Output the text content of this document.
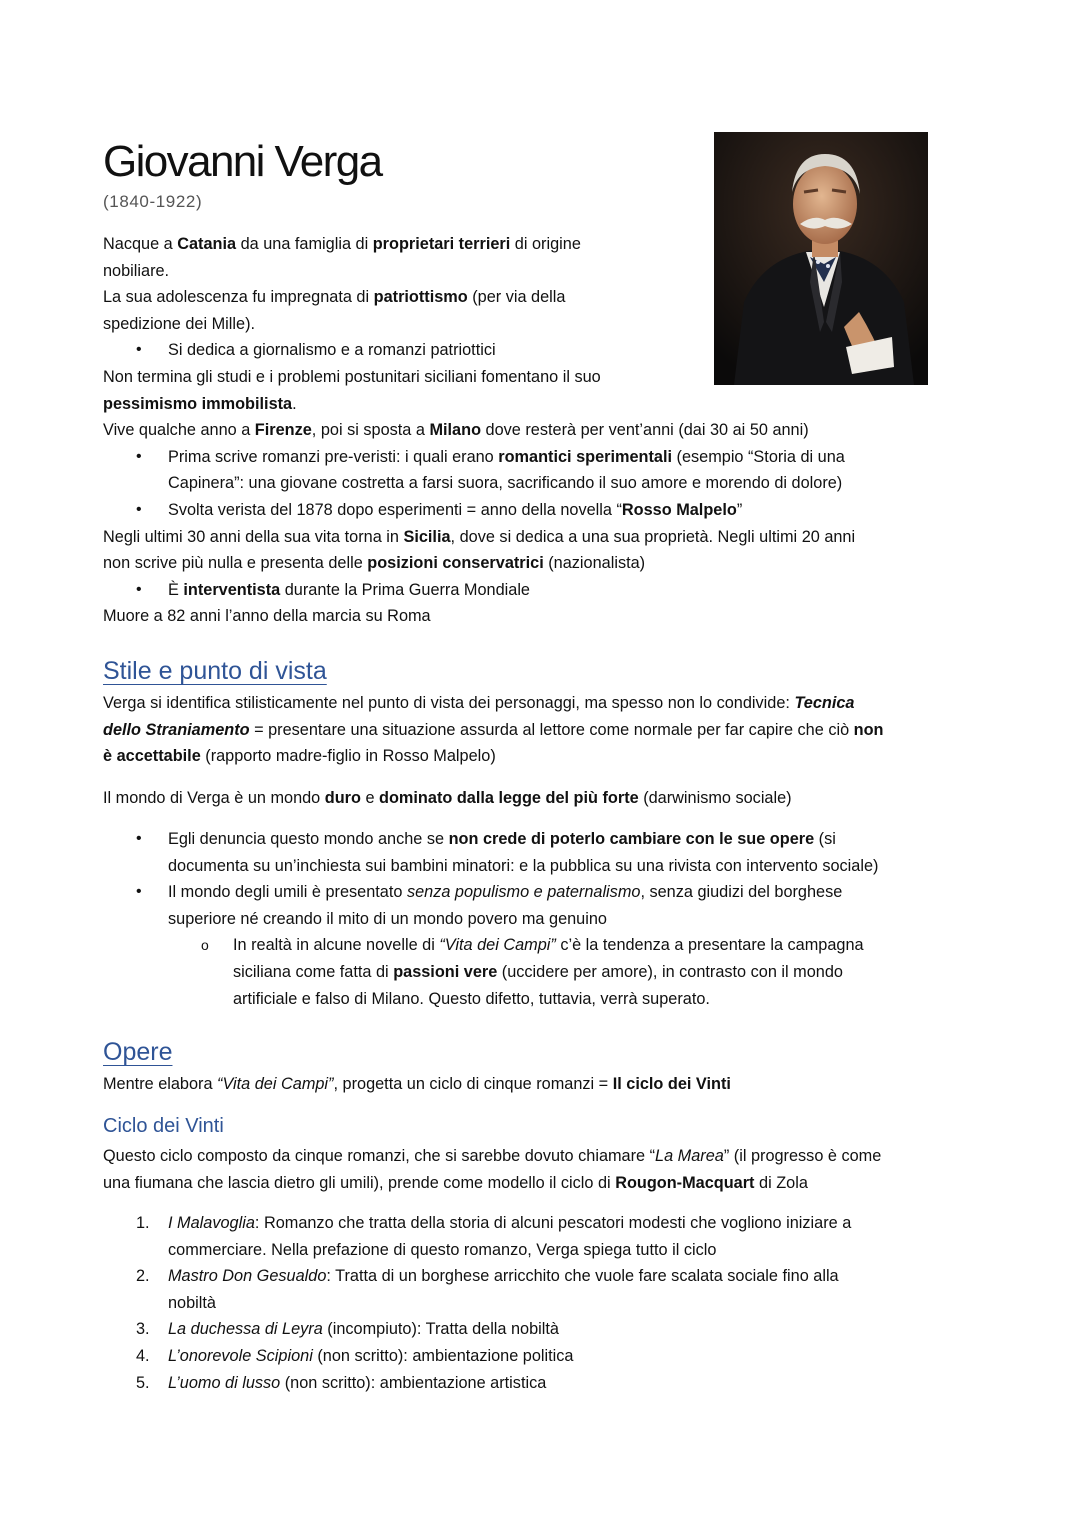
Giovanni Verga
(1840-1922)
Nacque a Catania da una famiglia di proprietari terrieri di origine
nobiliare.
La sua adolescenza fu impregnata di patriottismo (per via della
spedizione dei Mille).
• Si dedica a giornalismo e a romanzi patriottici
Non termina gli studi e i problemi postunitari siciliani fomentano il suo
pessimismo immobilista.
Vive qualche anno a Firenze, poi si sposta a Milano dove resterà per vent’anni (dai 30 ai 50 anni)
• Prima scrive romanzi pre-veristi: i quali erano romantici sperimentali (esempio “Storia di una
Capinera”: una giovane costretta a farsi suora, sacrificando il suo amore e morendo di dolore)
• Svolta verista del 1878 dopo esperimenti = anno della novella “Rosso Malpelo”
Negli ultimi 30 anni della sua vita torna in Sicilia, dove si dedica a una sua proprietà. Negli ultimi 20 anni
non scrive più nulla e presenta delle posizioni conservatrici (nazionalista)
• È interventista durante la Prima Guerra Mondiale
Muore a 82 anni l’anno della marcia su Roma
Stile e punto di vista
Verga si identifica stilisticamente nel punto di vista dei personaggi, ma spesso non lo condivide: Tecnica
dello Straniamento = presentare una situazione assurda al lettore come normale per far capire che ciò non
è accettabile (rapporto madre-figlio in Rosso Malpelo)
Il mondo di Verga è un mondo duro e dominato dalla legge del più forte (darwinismo sociale)
• Egli denuncia questo mondo anche se non crede di poterlo cambiare con le sue opere (si
documenta su un’inchiesta sui bambini minatori: e la pubblica su una rivista con intervento sociale)
• Il mondo degli umili è presentato senza populismo e paternalismo, senza giudizi del borghese
superiore né creando il mito di un mondo povero ma genuino
o In realtà in alcune novelle di “Vita dei Campi” c’è la tendenza a presentare la campagna
siciliana come fatta di passioni vere (uccidere per amore), in contrasto con il mondo
artificiale e falso di Milano. Questo difetto, tuttavia, verrà superato.
Opere
Mentre elabora “Vita dei Campi”, progetta un ciclo di cinque romanzi = Il ciclo dei Vinti
Ciclo dei Vinti
Questo ciclo composto da cinque romanzi, che si sarebbe dovuto chiamare “La Marea” (il progresso è come
una fiumana che lascia dietro gli umili), prende come modello il ciclo di Rougon-Macquart di Zola
1. I Malavoglia: Romanzo che tratta della storia di alcuni pescatori modesti che vogliono iniziare a
commerciare. Nella prefazione di questo romanzo, Verga spiega tutto il ciclo
2. Mastro Don Gesualdo: Tratta di un borghese arricchito che vuole fare scalata sociale fino alla
nobiltà
3. La duchessa di Leyra (incompiuto): Tratta della nobiltà
4. L’onorevole Scipioni (non scritto): ambientazione politica
5. L’uomo di lusso (non scritto): ambientazione artistica
